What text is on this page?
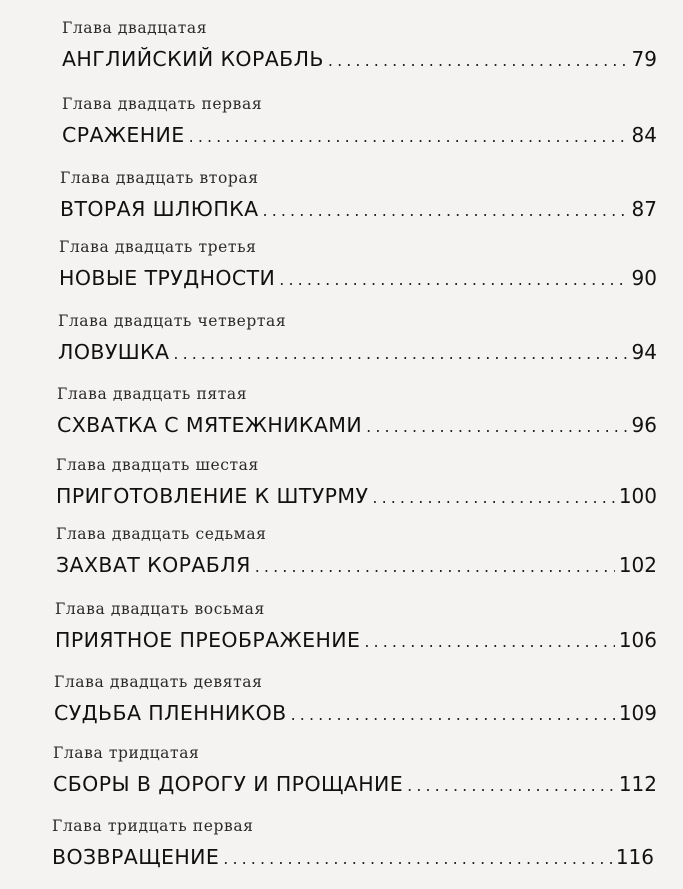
Глава двадцатая
АНГЛИЙСКИЙ КОРАБЛЬ . . .	79
Глава двадцать первая
СРАЖЕНИЕ . . .	84
Глава двадцать вторая
ВТОРАЯ ШЛЮПКА . . .	87
Глава двадцать третья
НОВЫЕ ТРУДНОСТИ . . .	90
Глава двадцать четвертая
ЛОВУШКА . . .	94
Глава двадцать пятая
СХВАТКА С МЯТЕЖНИКАМИ . . .	96
Глава двадцать шестая
ПРИГОТОВЛЕНИЕ К ШТУРМУ . . .	100
Глава двадцать седьмая
ЗАХВАТ КОРАБЛЯ . . .	102
Глава двадцать восьмая
ПРИЯТНОЕ ПРЕОБРАЖЕНИЕ . . .	106
Глава двадцать девятая
СУДЬБА ПЛЕННИКОВ . . .	109
Глава тридцатая
СБОРЫ В ДОРОГУ И ПРОЩАНИЕ . . .	112
Глава тридцать первая
ВОЗВРАЩЕНИЕ . . .	116
